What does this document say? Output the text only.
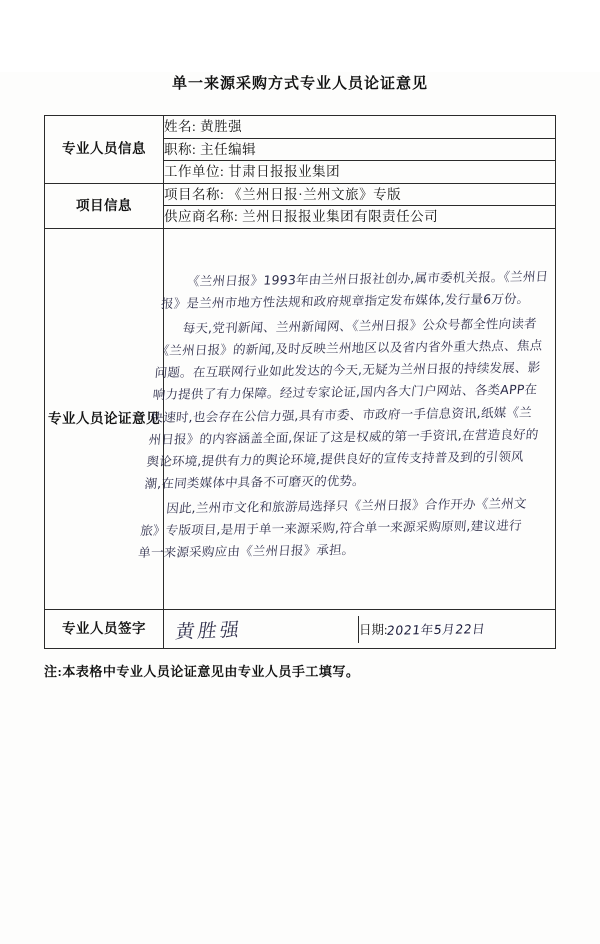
单一来源采购方式专业人员论证意见
专业人员信息	
姓名: 黄胜强

职称: 主任编辑

工作单位: 甘肃日报报业集团

项目信息	
项目名称: 《兰州日报·兰州文旅》专版

供应商名称: 兰州日报报业集团有限责任公司

专业人员论证意见	

《兰州日报》1993年由兰州日报社创办,属市委机关报。《兰州日报》是兰州市地方性法规和政府规章指定发布媒体,发行量6万份。

每天,党刊新闻、兰州新闻网、《兰州日报》公众号都全性向读者《兰州日报》的新闻,及时反映兰州地区以及省内省外重大热点、焦点问题。在互联网行业如此发达的今天,无疑为兰州日报的持续发展、影响力提供了有力保障。经过专家论证,国内各大门户网站、各类APP在快速时,也会存在公信力强,具有市委、市政府一手信息资讯,纸媒《兰州日报》的内容涵盖全面,保证了这是权威的第一手资讯,在营造良好的舆论环境,提供有力的舆论环境,提供良好的宣传支持普及到的引领风潮,在同类媒体中具备不可磨灭的优势。

因此,兰州市文化和旅游局选择只《兰州日报》合作开办《兰州文旅》专版项目,是用于单一来源采购,符合单一来源采购原则,建议进行单一来源采购应由《兰州日报》承担。

专业人员签字	黄胜强	日期:2021年5月22日
注:本表格中专业人员论证意见由专业人员手工填写。
